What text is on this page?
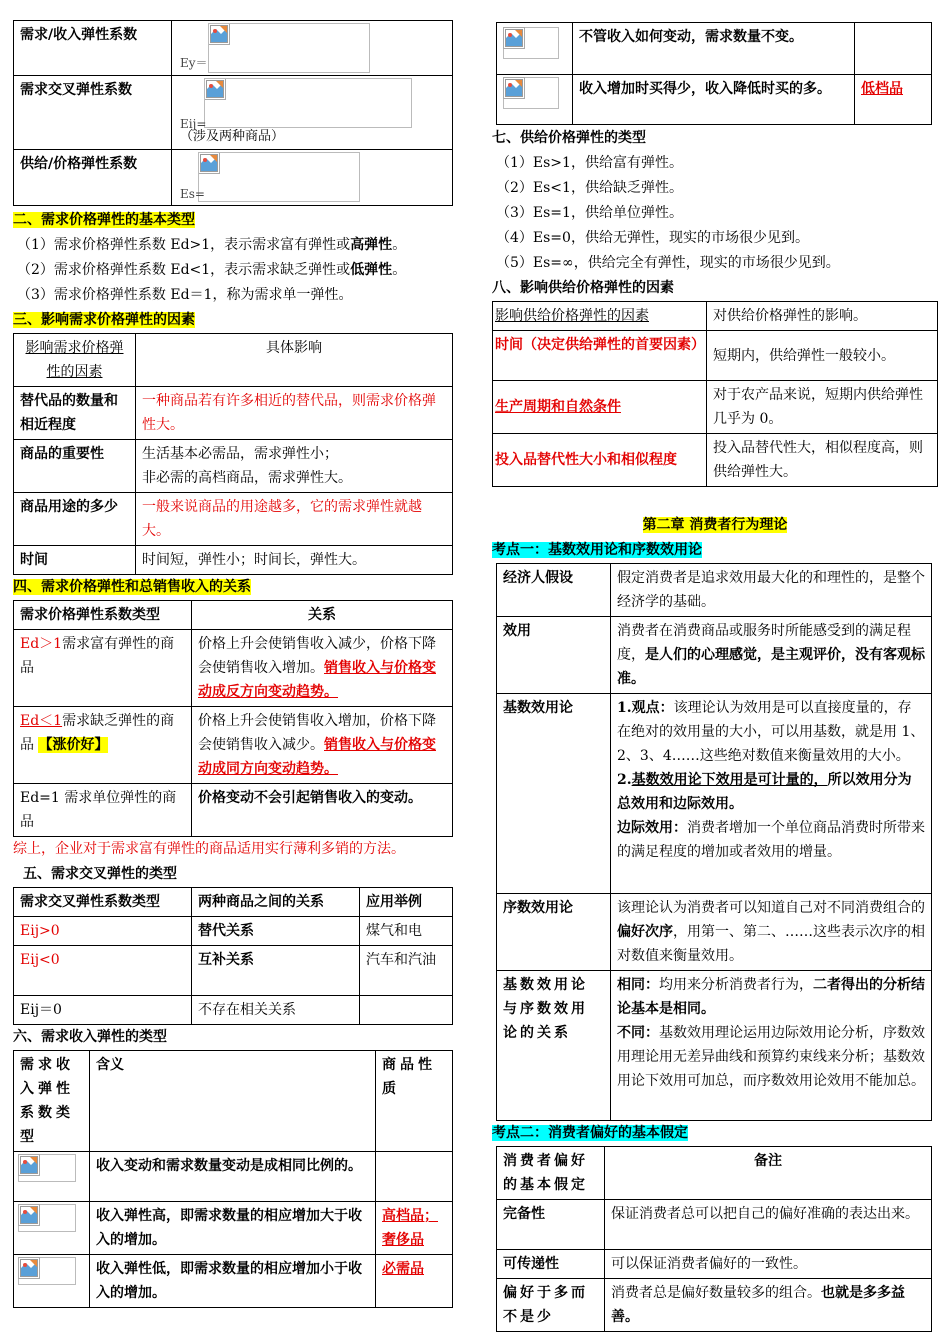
需求/收入弹性系数	Ey＝

需求交叉弹性系数	Eij=
（涉及两种商品）

供给/价格弹性系数	Es=
二、需求价格弹性的基本类型
（1）需求价格弹性系数 Ed>1，表示需求富有弹性或高弹性。
（2）需求价格弹性系数 Ed<1，表示需求缺乏弹性或低弹性。
（3）需求价格弹性系数 Ed＝1，称为需求单一弹性。
三、影响需求价格弹性的因素
影响需求价格弹性的因素	具体影响
替代品的数量和相近程度	一种商品若有许多相近的替代品，则需求价格弹性大。
商品的重要性	生活基本必需品，需求弹性小；
非必需的高档商品，需求弹性大。

商品用途的多少	一般来说商品的用途越多，它的需求弹性就越大。
时间	时间短，弹性小；时间长，弹性大。
四、需求价格弹性和总销售收入的关系
需求价格弹性系数类型	关系
Ed＞1需求富有弹性的商品	价格上升会使销售收入减少，价格下降会使销售收入增加。销售收入与价格变动成反方向变动趋势。
Ed＜1需求缺乏弹性的商品 【涨价好】	价格上升会使销售收入增加，价格下降会使销售收入减少。销售收入与价格变动成同方向变动趋势。
Ed=1 需求单位弹性的商品	价格变动不会引起销售收入的变动。
综上，企业对于需求富有弹性的商品适用实行薄利多销的方法。
五、需求交叉弹性的类型
需求交叉弹性系数类型	两种商品之间的关系	应用举例
Eij>0	替代关系	煤气和电
Eij<0	互补关系	汽车和汽油
Eij＝0	不存在相关关系	
六、需求收入弹性的类型
需求收入弹性系数类型	含义	商品性质

	收入变动和需求数量变动是成相同比例的。	

	收入弹性高，即需求数量的相应增加大于收入的增加。	高档品；奢侈品

	收入弹性低，即需求数量的相应增加小于收入的增加。	必需品
	不管收入如何变动，需求数量不变。	

	收入增加时买得少，收入降低时买的多。	低档品
七、供给价格弹性的类型
（1）Es>1，供给富有弹性。
（2）Es<1，供给缺乏弹性。
（3）Es=1，供给单位弹性。
（4）Es=0，供给无弹性，现实的市场很少见到。
（5）Es=∞，供给完全有弹性，现实的市场很少见到。
八、影响供给价格弹性的因素
影响供给价格弹性的因素	对供给价格弹性的影响。
时间（决定供给弹性的首要因素）	短期内，供给弹性一般较小。
生产周期和自然条件	对于农产品来说，短期内供给弹性几乎为 0。
投入品替代性大小和相似程度	投入品替代性大，相似程度高，则供给弹性大。
第二章 消费者行为理论
考点一：基数效用论和序数效用论
经济人假设	假定消费者是追求效用最大化的和理性的，是整个经济学的基础。
效用	消费者在消费商品或服务时所能感受到的满足程度，是人们的心理感觉，是主观评价，没有客观标准。
基数效用论	1.观点：该理论认为效用是可以直接度量的，存在绝对的效用量的大小，可以用基数，就是用 1、2、3、4……这些绝对数值来衡量效用的大小。
2.基数效用论下效用是可计量的，所以效用分为总效用和边际效用。
边际效用：消费者增加一个单位商品消费时所带来的满足程度的增加或者效用的增量。

序数效用论	该理论认为消费者可以知道自己对不同消费组合的偏好次序，用第一、第二、……这些表示次序的相对数值来衡量效用。
基数效用论与序数效用论的关系	相同：均用来分析消费者行为，二者得出的分析结论基本是相同。
不同：基数效用理论运用边际效用论分析，序数效用理论用无差异曲线和预算约束线来分析；基数效用论下效用可加总，而序数效用论效用不能加总。
考点二：消费者偏好的基本假定
消费者偏好的基本假定	备注
完备性	保证消费者总可以把自己的偏好准确的表达出来。
可传递性	可以保证消费者偏好的一致性。
偏好于多而不是少	消费者总是偏好数量较多的组合。也就是多多益善。
